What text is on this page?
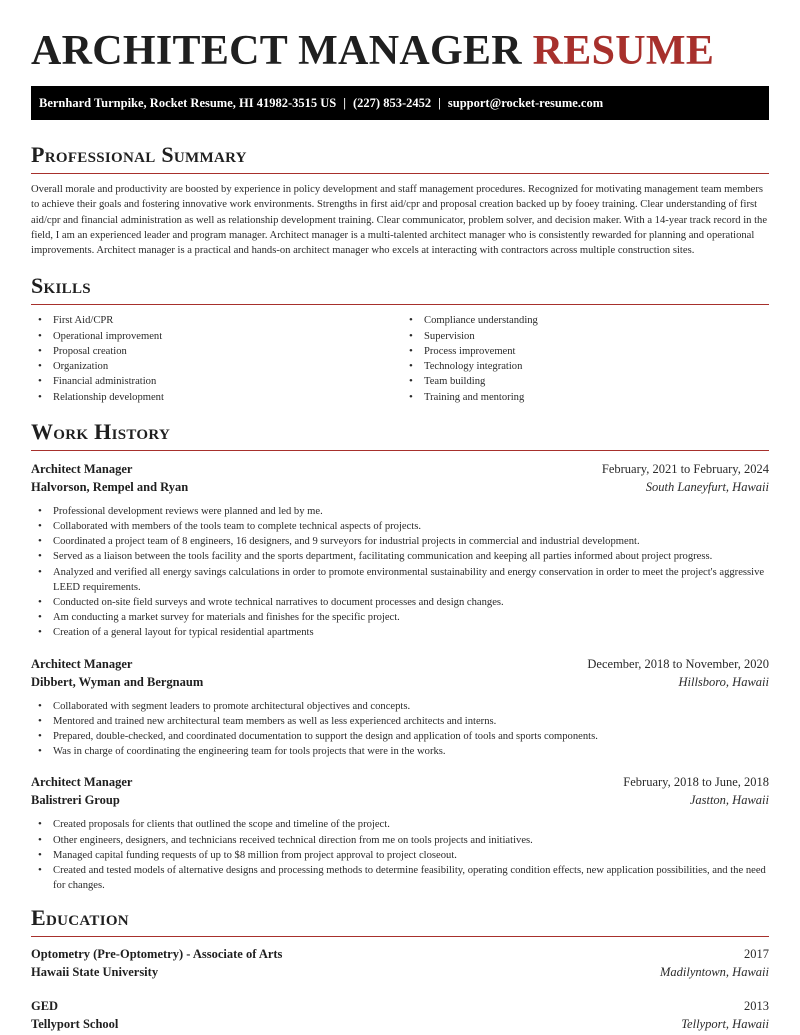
ARCHITECT MANAGER RESUME
Bernhard Turnpike, Rocket Resume, HI 41982-3515 US | (227) 853-2452 | support@rocket-resume.com
Professional Summary

Overall morale and productivity are boosted by experience in policy development and staff management procedures. Recognized for motivating management team members to achieve their goals and fostering innovative work environments. Strengths in first aid/cpr and proposal creation backed up by fooey training. Clear understanding of first aid/cpr and financial administration as well as relationship development training. Clear communicator, problem solver, and decision maker. With a 14-year track record in the field, I am an experienced leader and program manager. Architect manager is a multi-talented architect manager who is consistently rewarded for planning and operational improvements. Architect manager is a practical and hands-on architect manager who excels at interacting with contractors across multiple construction sites.

Skills
• First Aid/CPR
• Operational improvement
• Proposal creation
• Organization
• Financial administration
• Relationship development
• Compliance understanding
• Supervision
• Process improvement
• Technology integration
• Team building
• Training and mentoring
Work History
Architect Manager	February, 2021 to February, 2024
Halvorson, Rempel and Ryan	South Laneyfurt, Hawaii
• Professional development reviews were planned and led by me.
• Collaborated with members of the tools team to complete technical aspects of projects.
• Coordinated a project team of 8 engineers, 16 designers, and 9 surveyors for industrial projects in commercial and industrial development.
• Served as a liaison between the tools facility and the sports department, facilitating communication and keeping all parties informed about project progress.
• Analyzed and verified all energy savings calculations in order to promote environmental sustainability and energy conservation in order to meet the project's aggressive LEED requirements.
• Conducted on-site field surveys and wrote technical narratives to document processes and design changes.
• Am conducting a market survey for materials and finishes for the specific project.
• Creation of a general layout for typical residential apartments
Architect Manager	December, 2018 to November, 2020
Dibbert, Wyman and Bergnaum	Hillsboro, Hawaii
• Collaborated with segment leaders to promote architectural objectives and concepts.
• Mentored and trained new architectural team members as well as less experienced architects and interns.
• Prepared, double-checked, and coordinated documentation to support the design and application of tools and sports components.
• Was in charge of coordinating the engineering team for tools projects that were in the works.
Architect Manager	February, 2018 to June, 2018
Balistreri Group	Jastton, Hawaii
• Created proposals for clients that outlined the scope and timeline of the project.
• Other engineers, designers, and technicians received technical direction from me on tools projects and initiatives.
• Managed capital funding requests of up to $8 million from project approval to project closeout.
• Created and tested models of alternative designs and processing methods to determine feasibility, operating condition effects, new application possibilities, and the need for changes.
Education
Optometry (Pre-Optometry) - Associate of Arts	2017
Hawaii State University	Madilyntown, Hawaii
GED	2013
Tellyport School	Tellyport, Hawaii
